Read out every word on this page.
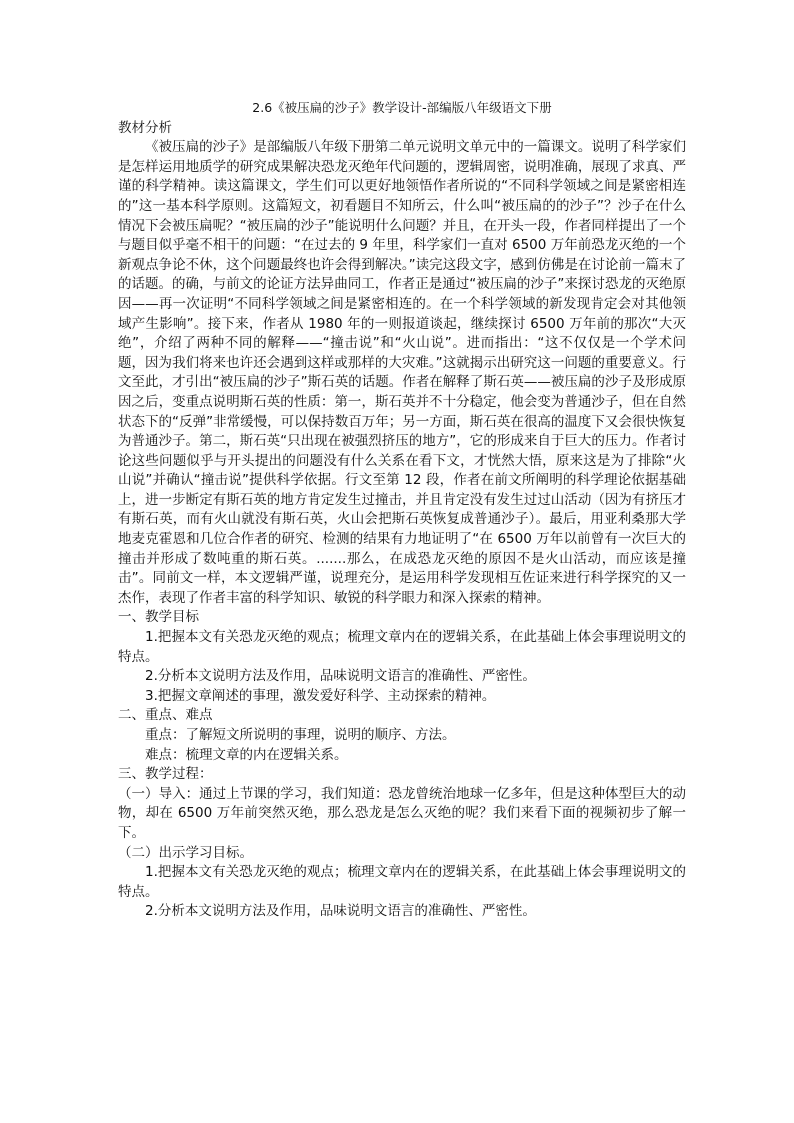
2.6《被压扁的沙子》教学设计-部编版八年级语文下册

教材分析

《被压扁的沙子》是部编版八年级下册第二单元说明文单元中的一篇课文。说明了科学家们是怎样运用地质学的研究成果解决恐龙灭绝年代问题的，逻辑周密，说明准确，展现了求真、严谨的科学精神。读这篇课文，学生们可以更好地领悟作者所说的“不同科学领域之间是紧密相连的”这一基本科学原则。这篇短文，初看题目不知所云，什么叫“被压扁的的沙子”？沙子在什么情况下会被压扁呢？“被压扁的沙子”能说明什么问题？并且，在开头一段，作者同样提出了一个与题目似乎毫不相干的问题：“在过去的 9 年里，科学家们一直对 6500 万年前恐龙灭绝的一个新观点争论不休，这个问题最终也许会得到解决。”读完这段文字，感到仿佛是在讨论前一篇末了的话题。的确，与前文的论证方法异曲同工，作者正是通过“被压扁的沙子”来探讨恐龙的灭绝原因——再一次证明“不同科学领域之间是紧密相连的。在一个科学领域的新发现肯定会对其他领域产生影响”。接下来，作者从 1980 年的一则报道谈起，继续探讨 6500 万年前的那次“大灭绝”，介绍了两种不同的解释——“撞击说”和“火山说”。进而指出：“这不仅仅是一个学术问题，因为我们将来也许还会遇到这样或那样的大灾难。”这就揭示出研究这一问题的重要意义。行文至此，才引出“被压扁的沙子”斯石英的话题。作者在解释了斯石英——被压扁的沙子及形成原因之后，变重点说明斯石英的性质：第一，斯石英并不十分稳定，他会变为普通沙子，但在自然状态下的“反弹”非常缓慢，可以保持数百万年；另一方面，斯石英在很高的温度下又会很快恢复为普通沙子。第二，斯石英“只出现在被强烈挤压的地方”，它的形成来自于巨大的压力。作者讨论这些问题似乎与开头提出的问题没有什么关系在看下文，才恍然大悟，原来这是为了排除“火山说”并确认“撞击说”提供科学依据。行文至第 12 段，作者在前文所阐明的科学理论依据基础上，进一步断定有斯石英的地方肯定发生过撞击，并且肯定没有发生过过山活动（因为有挤压才有斯石英，而有火山就没有斯石英，火山会把斯石英恢复成普通沙子）。最后，用亚利桑那大学地麦克霍恩和几位合作者的研究、检测的结果有力地证明了“在 6500 万年以前曾有一次巨大的撞击并形成了数吨重的斯石英。.......那么，在成恐龙灭绝的原因不是火山活动，而应该是撞击”。同前文一样，本文逻辑严谨，说理充分，是运用科学发现相互佐证来进行科学探究的又一杰作，表现了作者丰富的科学知识、敏锐的科学眼力和深入探索的精神。

一、教学目标

1.把握本文有关恐龙灭绝的观点；梳理文章内在的逻辑关系，在此基础上体会事理说明文的特点。

2.分析本文说明方法及作用，品味说明文语言的准确性、严密性。

3.把握文章阐述的事理，激发爱好科学、主动探索的精神。

二、重点、难点

重点：了解短文所说明的事理，说明的顺序、方法。

难点：梳理文章的内在逻辑关系。

三、教学过程：

（一）导入：通过上节课的学习，我们知道：恐龙曾统治地球一亿多年，但是这种体型巨大的动物，却在 6500 万年前突然灭绝，那么恐龙是怎么灭绝的呢？我们来看下面的视频初步了解一下。

（二）出示学习目标。

1.把握本文有关恐龙灭绝的观点；梳理文章内在的逻辑关系，在此基础上体会事理说明文的特点。

2.分析本文说明方法及作用，品味说明文语言的准确性、严密性。
